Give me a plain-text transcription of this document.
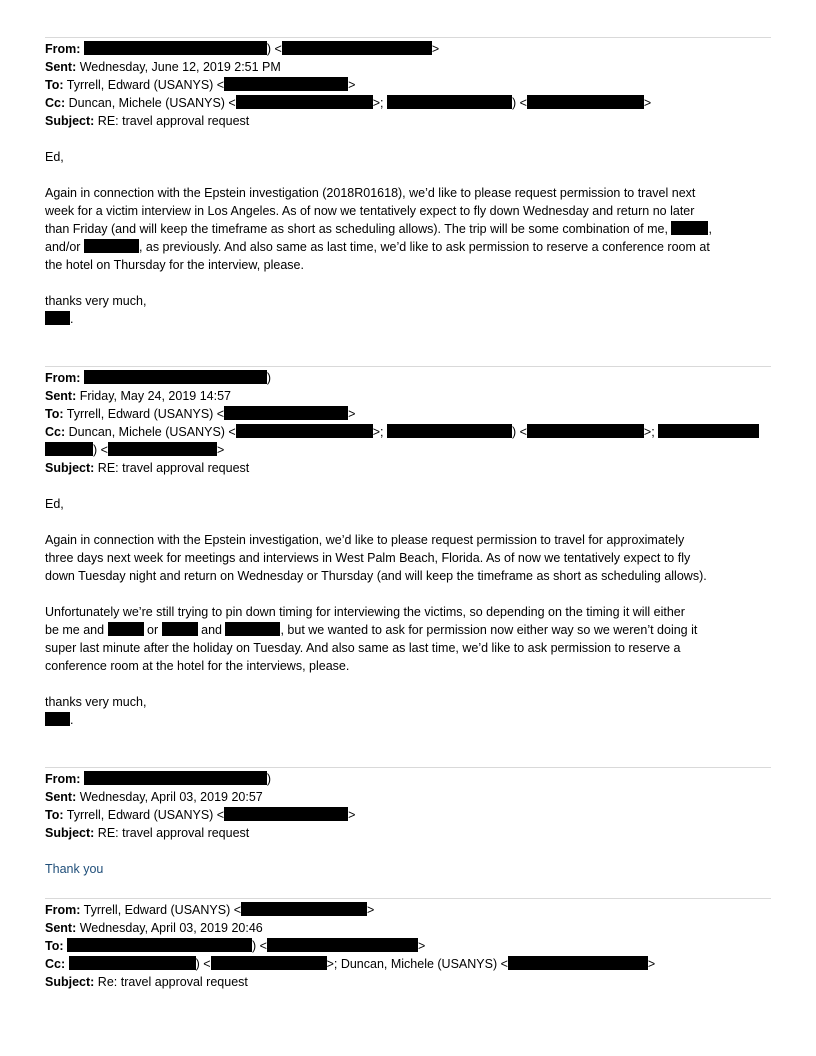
From:	) <	>
Sent: Wednesday, June 12, 2019 2:51 PM
To: Tyrrell, Edward (USANYS) <	>
Cc: Duncan, Michele (USANYS) <	>;	) <	>
Subject: RE: travel approval request
Ed,
Again in connection with the Epstein investigation (2018R01618), we’d like to please request permission to travel next
week for a victim interview in Los Angeles. As of now we tentatively expect to fly down Wednesday and return no later
than Friday (and will keep the timeframe as short as scheduling allows). The trip will be some combination of me,	,
and/or	, as previously. And also same as last time, we’d like to ask permission to reserve a conference room at
the hotel on Thursday for the interview, please.
thanks very much,
.
From:	)
Sent: Friday, May 24, 2019 14:57
To: Tyrrell, Edward (USANYS) <	>
Cc: Duncan, Michele (USANYS) <	>;	) <	>;
) <	>
Subject: RE: travel approval request
Ed,
Again in connection with the Epstein investigation, we’d like to please request permission to travel for approximately
three days next week for meetings and interviews in West Palm Beach, Florida. As of now we tentatively expect to fly
down Tuesday night and return on Wednesday or Thursday (and will keep the timeframe as short as scheduling allows).
Unfortunately we’re still trying to pin down timing for interviewing the victims, so depending on the timing it will either
be me and	or	and	, but we wanted to ask for permission now either way so we weren’t doing it
super last minute after the holiday on Tuesday. And also same as last time, we’d like to ask permission to reserve a
conference room at the hotel for the interviews, please.
thanks very much,
.
From:	)
Sent: Wednesday, April 03, 2019 20:57
To: Tyrrell, Edward (USANYS) <	>
Subject: RE: travel approval request
Thank you
From: Tyrrell, Edward (USANYS) <	>
Sent: Wednesday, April 03, 2019 20:46
To:	) <	>
Cc:	) <	>; Duncan, Michele (USANYS) <	>
Subject: Re: travel approval request
